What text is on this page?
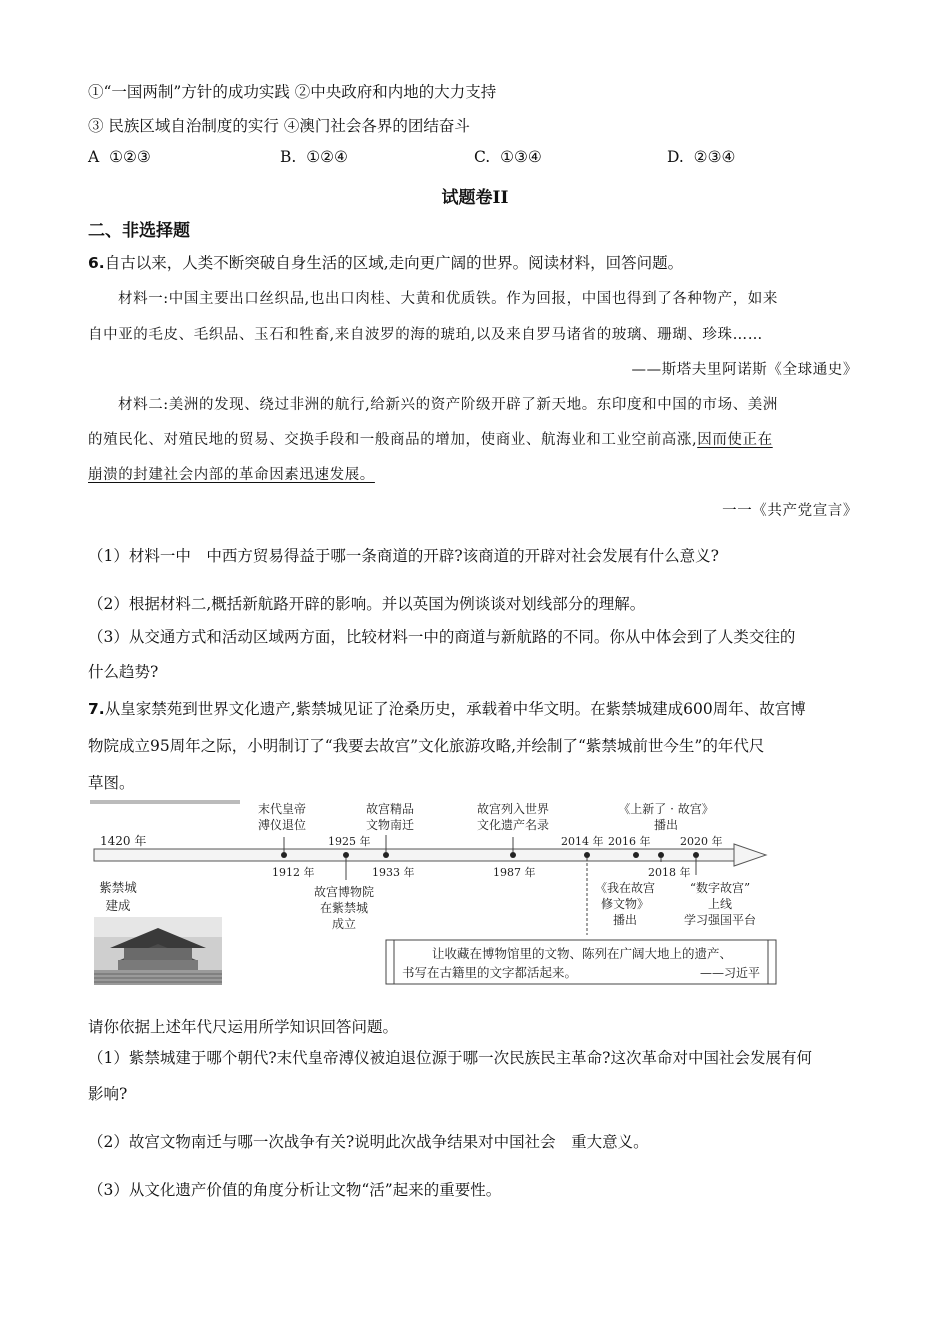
①“一国两制”方针的成功实践 ②中央政府和内地的大力支持
③ 民族区域自治制度的实行 ④澳门社会各界的团结奋斗
A ①②③	B. ①②④	C. ①③④	D. ②③④
试题卷II
二、非选择题
6.自古以来，人类不断突破自身生活的区域,走向更广阔的世界。阅读材料，回答问题。
材料一:中国主要出口丝织品,也出口肉桂、大黄和优质铁。作为回报，中国也得到了各种物产，如来
自中亚的毛皮、毛织品、玉石和牲畜,来自波罗的海的琥珀,以及来自罗马诸省的玻璃、珊瑚、珍珠……
——斯塔夫里阿诺斯《全球通史》
材料二:美洲的发现、绕过非洲的航行,给新兴的资产阶级开辟了新天地。东印度和中国的市场、美洲
的殖民化、对殖民地的贸易、交换手段和一般商品的增加，使商业、航海业和工业空前高涨,因而使正在
崩溃的封建社会内部的革命因素迅速发展。
一一《共产党宣言》
（1）材料一中　中西方贸易得益于哪一条商道的开辟?该商道的开辟对社会发展有什么意义?
（2）根据材料二,概括新航路开辟的影响。并以英国为例谈谈对划线部分的理解。
（3）从交通方式和活动区域两方面，比较材料一中的商道与新航路的不同。你从中体会到了人类交往的
什么趋势?
7.从皇家禁苑到世界文化遗产,紫禁城见证了沧桑历史，承载着中华文明。在紫禁城建成600周年、故宫博
物院成立95周年之际，小明制订了“我要去故宫”文化旅游攻略,并绘制了“紫禁城前世今生”的年代尺
草图。
1420 年
1912 年
1925 年
1933 年	1987 年
2014 年 2016 年
2018 年
2020 年
末代皇帝
溥仪退位
故宫精品
文物南迁
故宫列入世界
文化遗产名录
《上新了 · 故宫》
播出
紫禁城
建成
故宫博物院
在紫禁城
成立
《我在故宫
修文物》
播出
“数字故宫”
上线
学习强国平台
让收藏在博物馆里的文物、陈列在广阔大地上的遗产、
书写在古籍里的文字都活起来。	——习近平
请你依据上述年代尺运用所学知识回答问题。
（1）紫禁城建于哪个朝代?末代皇帝溥仪被迫退位源于哪一次民族民主革命?这次革命对中国社会发展有何
影响?
（2）故宫文物南迁与哪一次战争有关?说明此次战争结果对中国社会　重大意义。
（3）从文化遗产价值的角度分析让文物“活”起来的重要性。
